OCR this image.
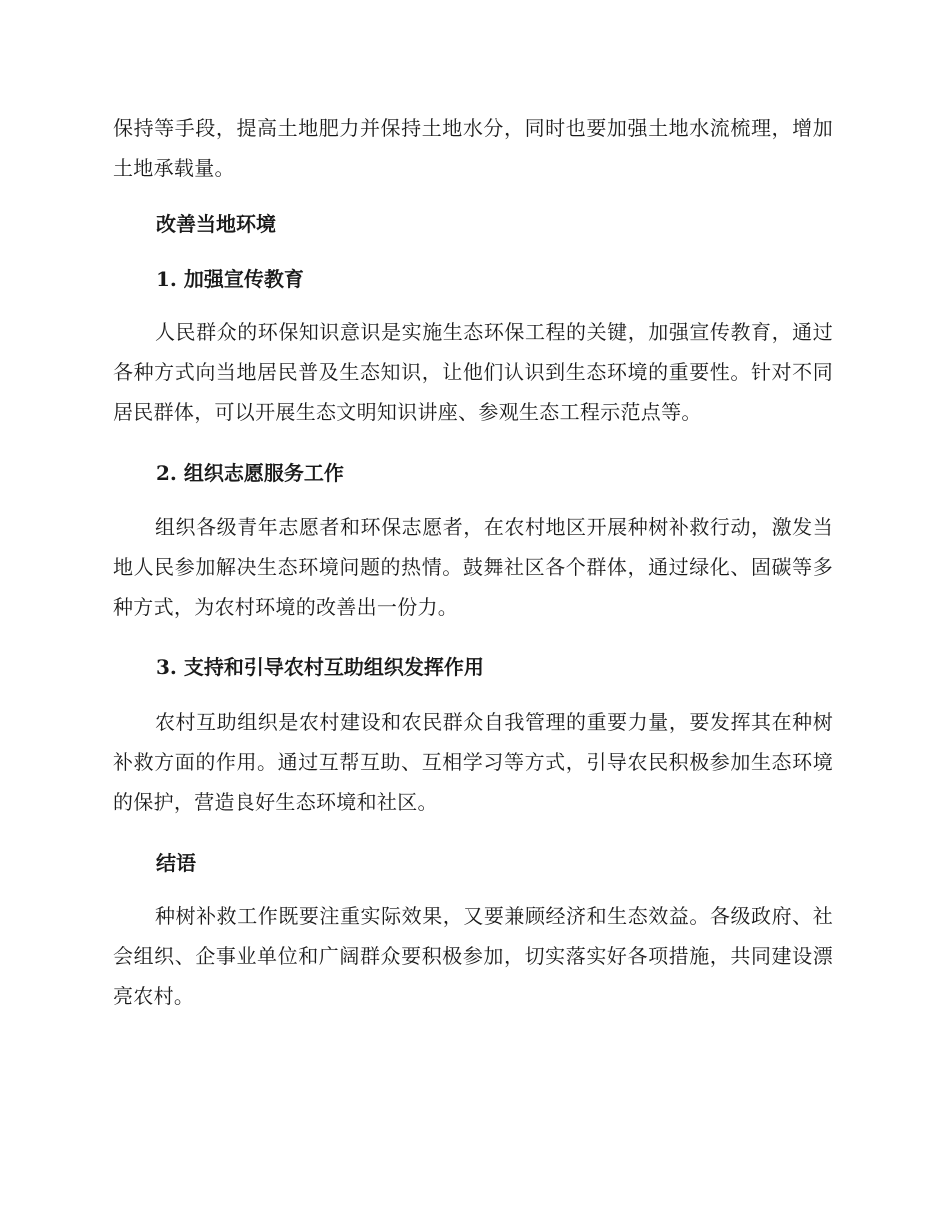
保持等手段，提高土地肥力并保持土地水分，同时也要加强土地水流梳理，增加土地承载量。

改善当地环境

1. 加强宣传教育

人民群众的环保知识意识是实施生态环保工程的关键，加强宣传教育，通过各种方式向当地居民普及生态知识，让他们认识到生态环境的重要性。针对不同居民群体，可以开展生态文明知识讲座、参观生态工程示范点等。

2. 组织志愿服务工作

组织各级青年志愿者和环保志愿者，在农村地区开展种树补救行动，激发当地人民参加解决生态环境问题的热情。鼓舞社区各个群体，通过绿化、固碳等多种方式，为农村环境的改善出一份力。

3. 支持和引导农村互助组织发挥作用

农村互助组织是农村建设和农民群众自我管理的重要力量，要发挥其在种树补救方面的作用。通过互帮互助、互相学习等方式，引导农民积极参加生态环境的保护，营造良好生态环境和社区。

结语

种树补救工作既要注重实际效果，又要兼顾经济和生态效益。各级政府、社会组织、企事业单位和广阔群众要积极参加，切实落实好各项措施，共同建设漂亮农村。
